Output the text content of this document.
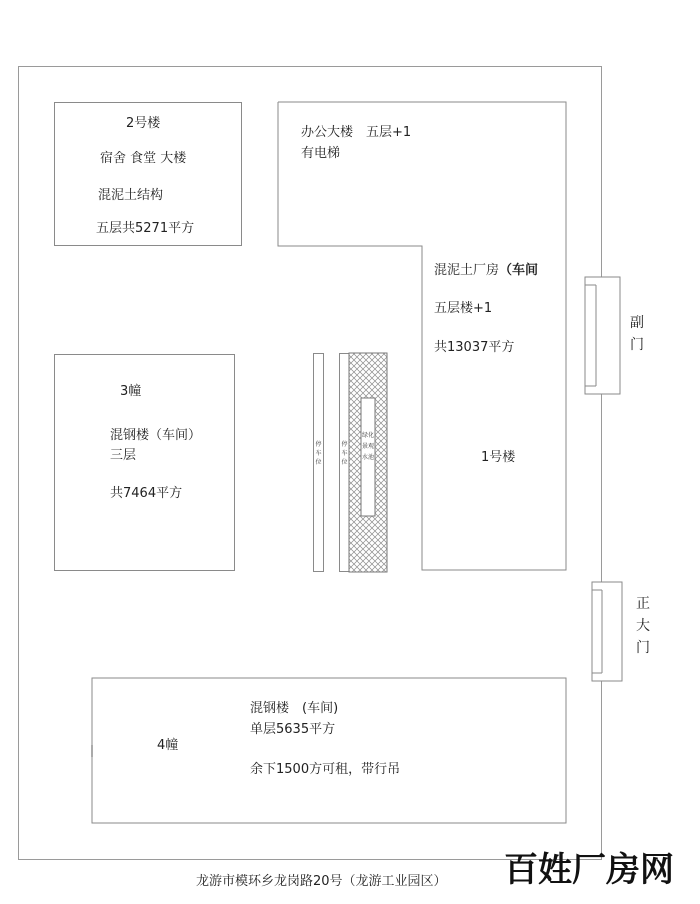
2号楼
宿舍 食堂 大楼
混泥土结构
五层共5271平方
办公大楼　五层+1
有电梯
混泥土厂房（车间
五层楼+1
共13037平方
1号楼
3幢
混钢楼（车间）
三层
共7464平方
停车位
停车位
绿化景观水池
4幢
混钢楼　(车间)
单层5635平方
余下1500方可租，带行吊
副门
正大门
龙游市模环乡龙岗路20号（龙游工业园区） 百姓厂房网
